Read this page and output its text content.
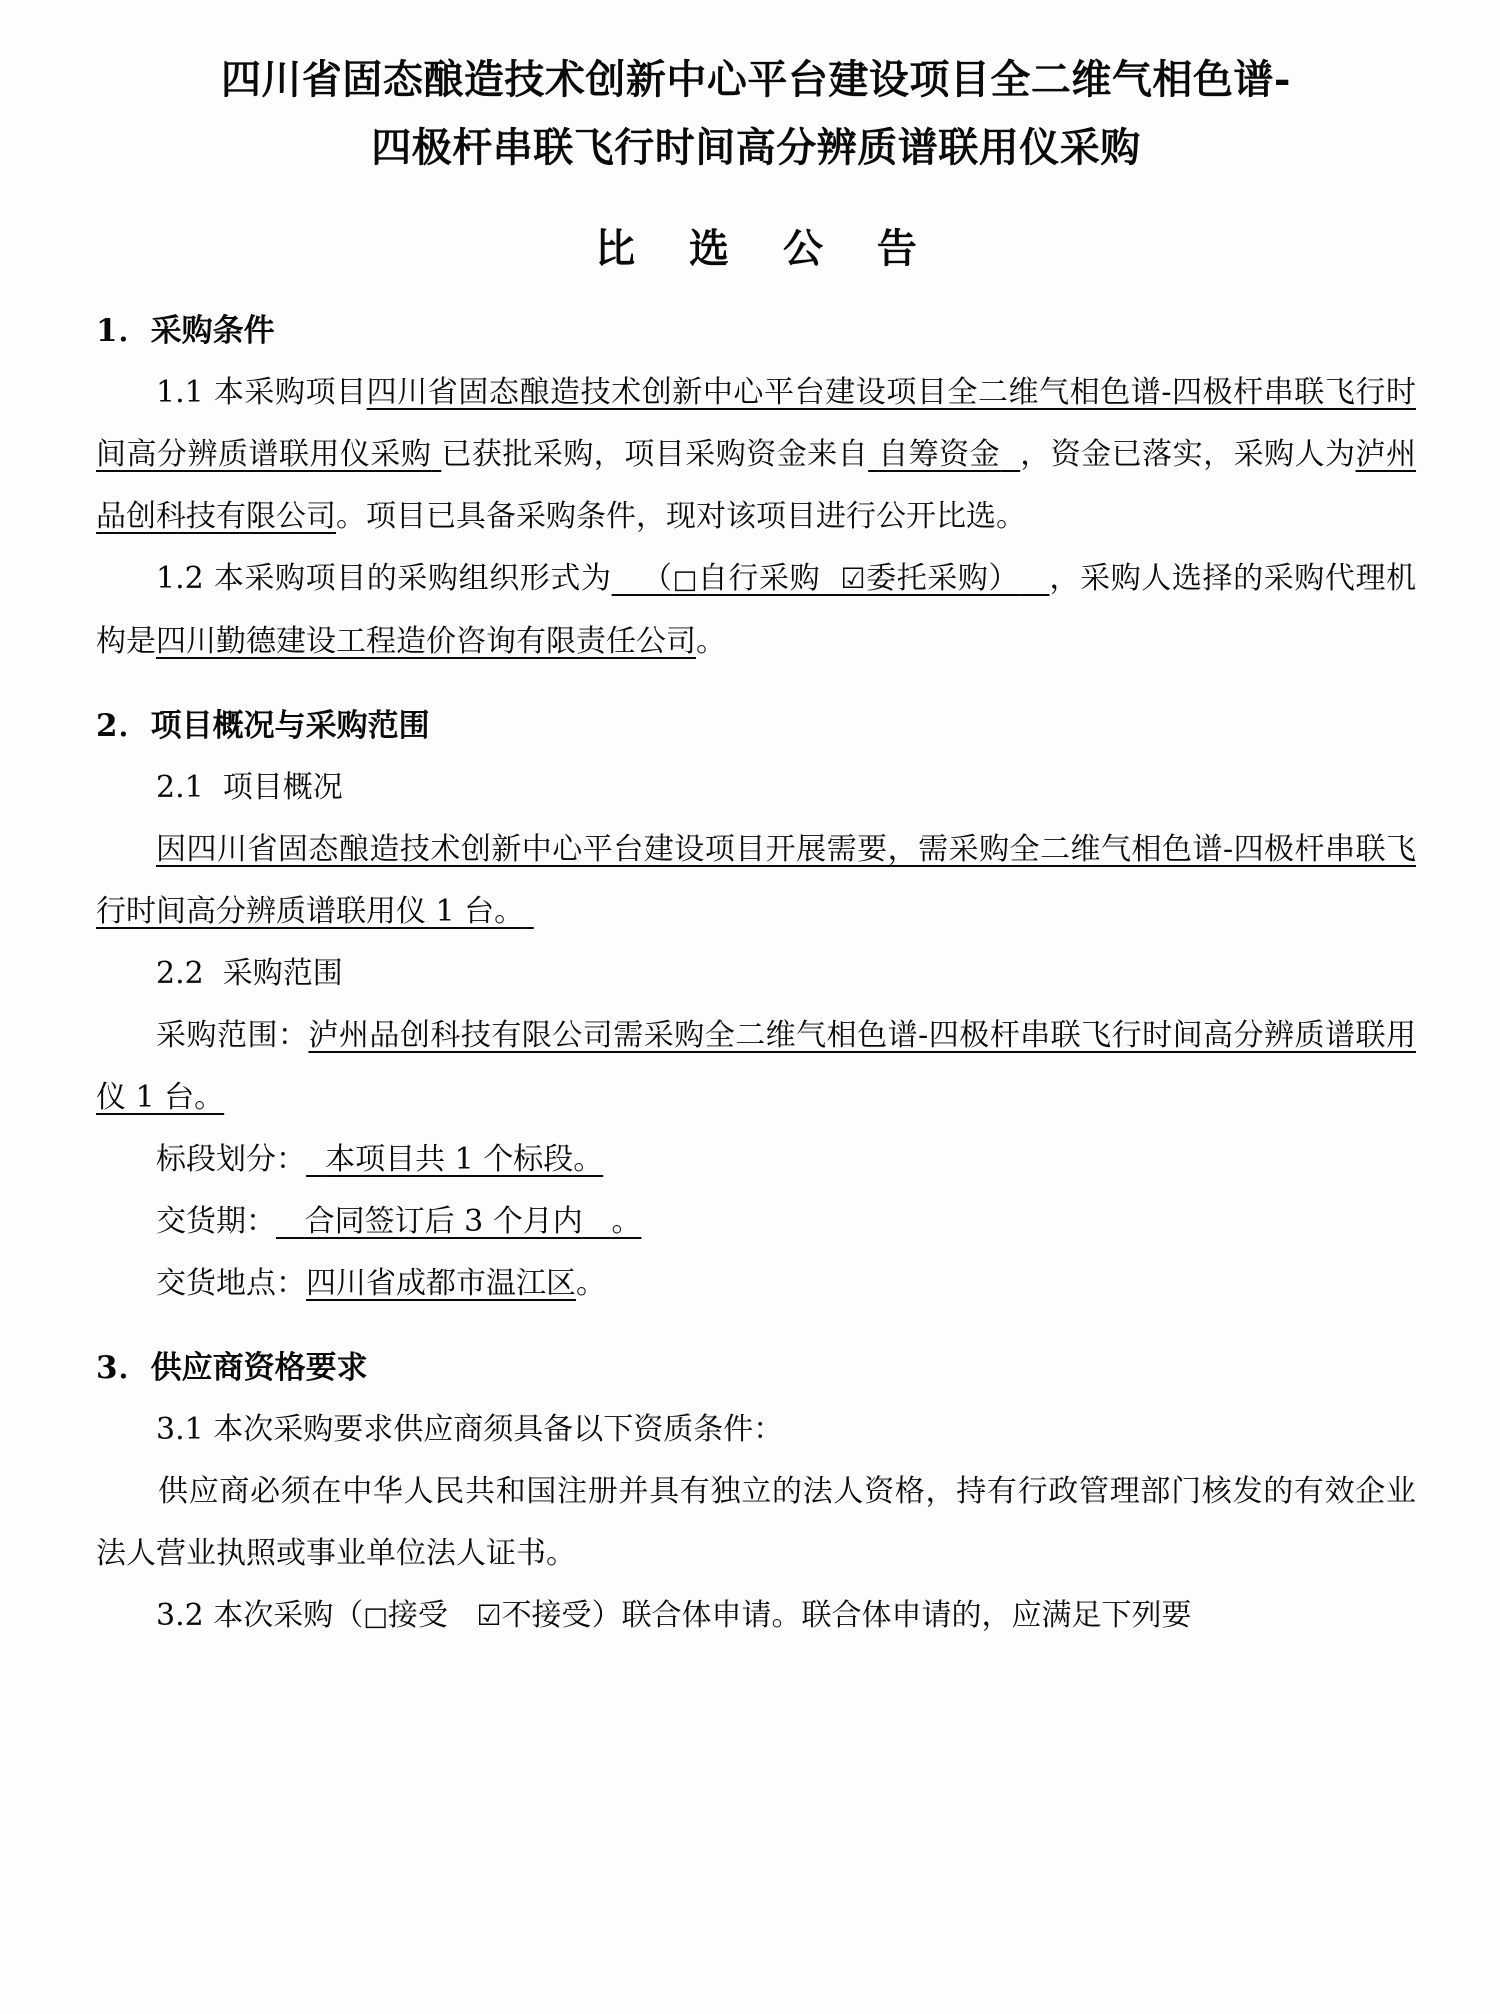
四川省固态酿造技术创新中心平台建设项目全二维气相色谱-
四极杆串联飞行时间高分辨质谱联用仪采购
比 选 公 告
1．采购条件

1.1 本采购项目四川省固态酿造技术创新中心平台建设项目全二维气相色谱-四极杆串联飞行时间高分辨质谱联用仪采购 已获批采购，项目采购资金来自 自筹资金 ，资金已落实，采购人为泸州品创科技有限公司。项目已具备采购条件，现对该项目进行公开比选。

1.2 本采购项目的采购组织形式为 （□自行采购 ☑委托采购） ，采购人选择的采购代理机构是四川勤德建设工程造价咨询有限责任公司。

2．项目概况与采购范围

2.1 项目概况

因四川省固态酿造技术创新中心平台建设项目开展需要，需采购全二维气相色谱-四极杆串联飞行时间高分辨质谱联用仪 1 台。

2.2 采购范围

采购范围：泸州品创科技有限公司需采购全二维气相色谱-四极杆串联飞行时间高分辨质谱联用仪 1 台。

标段划分： 本项目共 1 个标段。

交货期： 合同签订后 3 个月内 。

交货地点：四川省成都市温江区。

3．供应商资格要求

3.1 本次采购要求供应商须具备以下资质条件：

供应商必须在中华人民共和国注册并具有独立的法人资格，持有行政管理部门核发的有效企业法人营业执照或事业单位法人证书。

3.2 本次采购（□接受 ☑不接受）联合体申请。联合体申请的，应满足下列要
